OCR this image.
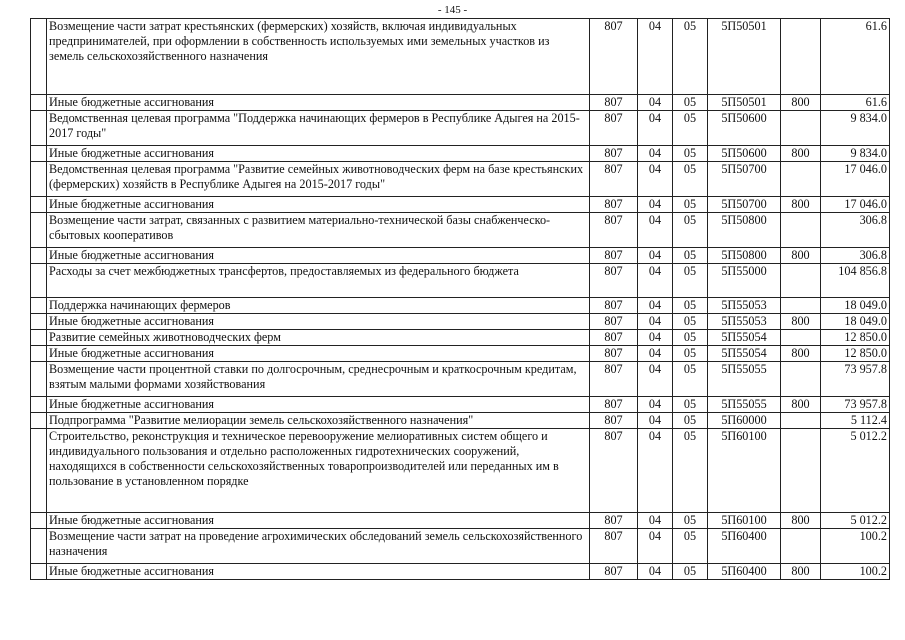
- 145 -
	Возмещение части затрат крестьянских (фермерских) хозяйств, включая индивидуальных предпринимателей, при оформлении в собственность используемых ими земельных участков из земель сельскохозяйственного назначения	807	04	05	5П50501		61.6
	Иные бюджетные ассигнования	807	04	05	5П50501	800	61.6
	Ведомственная целевая программа "Поддержка начинающих фермеров в Республике Адыгея на 2015-2017 годы"	807	04	05	5П50600		9 834.0
	Иные бюджетные ассигнования	807	04	05	5П50600	800	9 834.0
	Ведомственная целевая программа "Развитие семейных животноводческих ферм на базе крестьянских (фермерских) хозяйств в Республике Адыгея на 2015-2017 годы"	807	04	05	5П50700		17 046.0
	Иные бюджетные ассигнования	807	04	05	5П50700	800	17 046.0
	Возмещение части затрат, связанных с развитием материально-технической базы снабженческо-сбытовых кооперативов	807	04	05	5П50800		306.8
	Иные бюджетные ассигнования	807	04	05	5П50800	800	306.8
	Расходы за счет межбюджетных трансфертов, предоставляемых из федерального бюджета	807	04	05	5П55000		104 856.8
	Поддержка начинающих фермеров	807	04	05	5П55053		18 049.0
	Иные бюджетные ассигнования	807	04	05	5П55053	800	18 049.0
	Развитие семейных животноводческих ферм	807	04	05	5П55054		12 850.0
	Иные бюджетные ассигнования	807	04	05	5П55054	800	12 850.0
	Возмещение части процентной ставки по долгосрочным, среднесрочным и краткосрочным кредитам, взятым малыми формами хозяйствования	807	04	05	5П55055		73 957.8
	Иные бюджетные ассигнования	807	04	05	5П55055	800	73 957.8
	Подпрограмма "Развитие мелиорации земель сельскохозяйственного назначения"	807	04	05	5П60000		5 112.4
	Строительство, реконструкция и техническое перевооружение мелиоративных систем общего и индивидуального пользования и отдельно расположенных гидротехнических сооружений, находящихся в собственности сельскохозяйственных товаропроизводителей или переданных им в пользование в установленном порядке	807	04	05	5П60100		5 012.2
	Иные бюджетные ассигнования	807	04	05	5П60100	800	5 012.2
	Возмещение части затрат на проведение агрохимических обследований земель сельскохозяйственного назначения	807	04	05	5П60400		100.2
	Иные бюджетные ассигнования	807	04	05	5П60400	800	100.2
